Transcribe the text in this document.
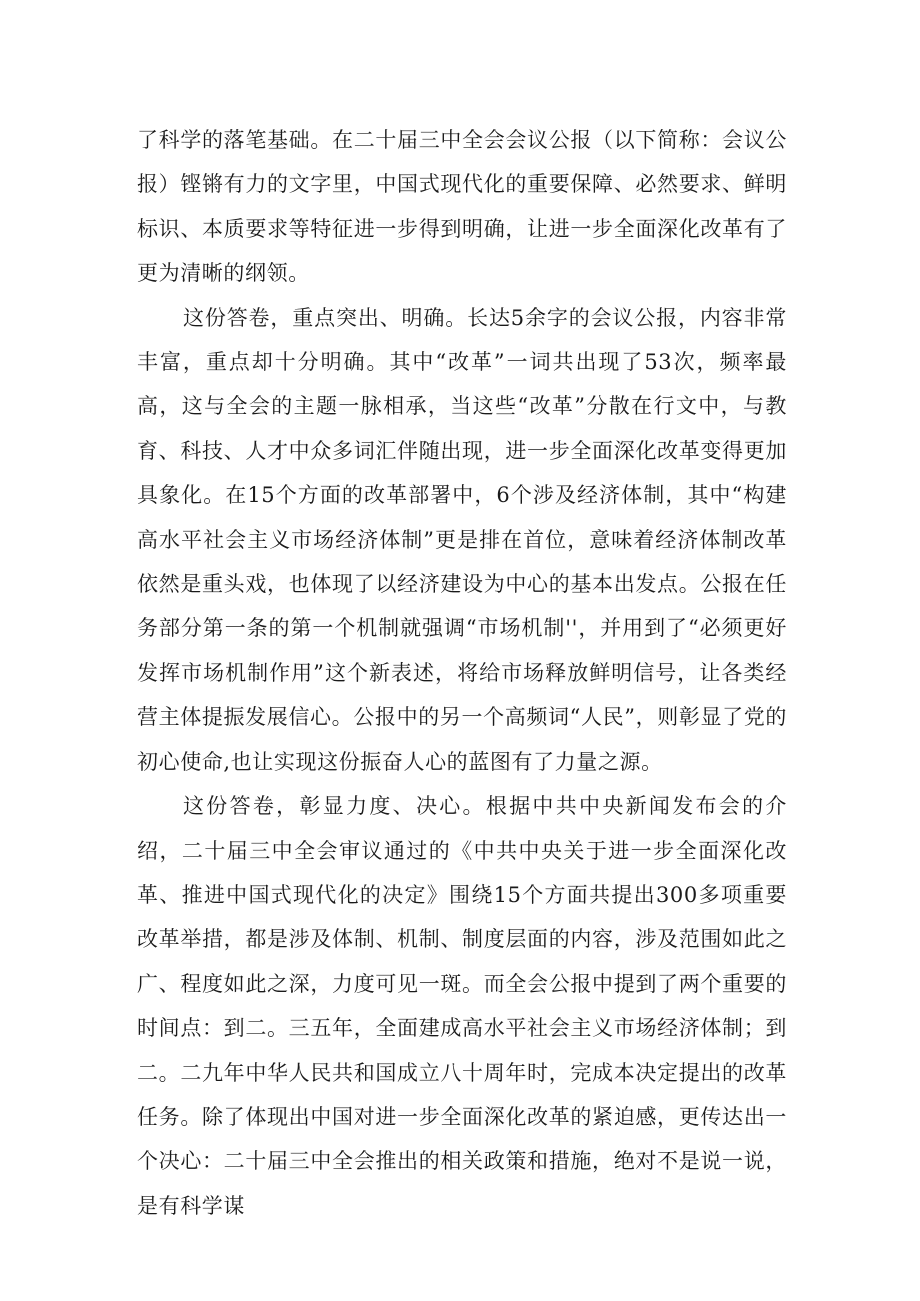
了科学的落笔基础。在二十届三中全会会议公报（以下简称：会议公报）铿锵有力的文字里，中国式现代化的重要保障、必然要求、鲜明标识、本质要求等特征进一步得到明确，让进一步全面深化改革有了更为清晰的纲领。

这份答卷，重点突出、明确。长达5余字的会议公报，内容非常丰富，重点却十分明确。其中“改革”一词共出现了53次，频率最高，这与全会的主题一脉相承，当这些“改革”分散在行文中，与教育、科技、人才中众多词汇伴随出现，进一步全面深化改革变得更加具象化。在15个方面的改革部署中，6个涉及经济体制，其中“构建高水平社会主义市场经济体制”更是排在首位，意味着经济体制改革依然是重头戏，也体现了以经济建设为中心的基本出发点。公报在任务部分第一条的第一个机制就强调“市场机制''，并用到了“必须更好发挥市场机制作用”这个新表述，将给市场释放鲜明信号，让各类经营主体提振发展信心。公报中的另一个高频词“人民”，则彰显了党的初心使命,也让实现这份振奋人心的蓝图有了力量之源。

这份答卷，彰显力度、决心。根据中共中央新闻发布会的介绍，二十届三中全会审议通过的《中共中央关于进一步全面深化改革、推进中国式现代化的决定》围绕15个方面共提出300多项重要改革举措，都是涉及体制、机制、制度层面的内容，涉及范围如此之广、程度如此之深，力度可见一斑。而全会公报中提到了两个重要的时间点：到二。三五年，全面建成高水平社会主义市场经济体制；到二。二九年中华人民共和国成立八十周年时，完成本决定提出的改革任务。除了体现出中国对进一步全面深化改革的紧迫感，更传达出一个决心：二十届三中全会推出的相关政策和措施，绝对不是说一说，是有科学谋
